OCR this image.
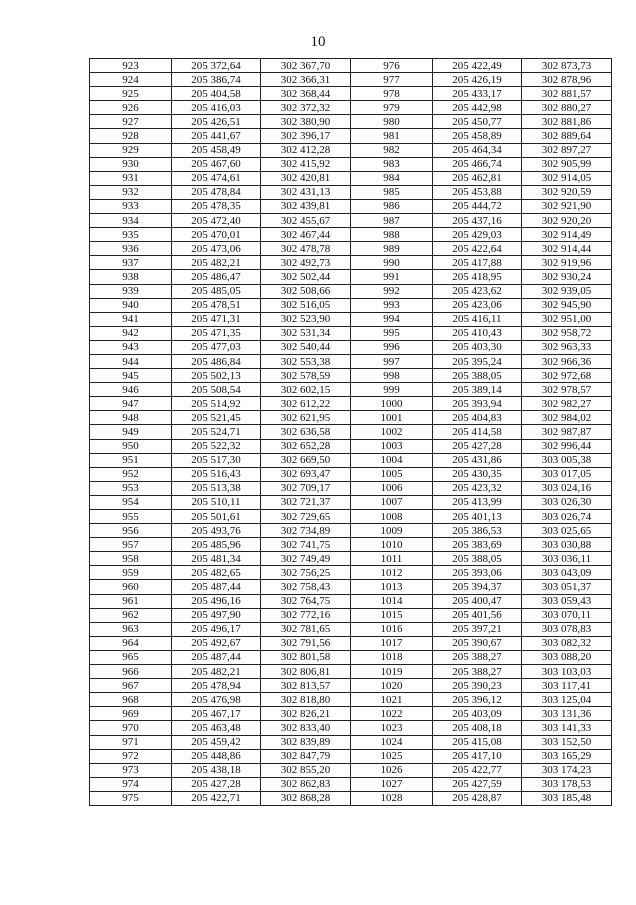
10
923	205 372,64	302 367,70	976	205 422,49	302 873,73
924	205 386,74	302 366,31	977	205 426,19	302 878,96
925	205 404,58	302 368,44	978	205 433,17	302 881,57
926	205 416,03	302 372,32	979	205 442,98	302 880,27
927	205 426,51	302 380,90	980	205 450,77	302 881,86
928	205 441,67	302 396,17	981	205 458,89	302 889,64
929	205 458,49	302 412,28	982	205 464,34	302 897,27
930	205 467,60	302 415,92	983	205 466,74	302 905,99
931	205 474,61	302 420,81	984	205 462,81	302 914,05
932	205 478,84	302 431,13	985	205 453,88	302 920,59
933	205 478,35	302 439,81	986	205 444,72	302 921,90
934	205 472,40	302 455,67	987	205 437,16	302 920,20
935	205 470,01	302 467,44	988	205 429,03	302 914,49
936	205 473,06	302 478,78	989	205 422,64	302 914,44
937	205 482,21	302 492,73	990	205 417,88	302 919,96
938	205 486,47	302 502,44	991	205 418,95	302 930,24
939	205 485,05	302 508,66	992	205 423,62	302 939,05
940	205 478,51	302 516,05	993	205 423,06	302 945,90
941	205 471,31	302 523,90	994	205 416,11	302 951,00
942	205 471,35	302 531,34	995	205 410,43	302 958,72
943	205 477,03	302 540,44	996	205 403,30	302 963,33
944	205 486,84	302 553,38	997	205 395,24	302 966,36
945	205 502,13	302 578,59	998	205 388,05	302 972,68
946	205 508,54	302 602,15	999	205 389,14	302 978,57
947	205 514,92	302 612,22	1000	205 393,94	302 982,27
948	205 521,45	302 621,95	1001	205 404,83	302 984,02
949	205 524,71	302 636,58	1002	205 414,58	302 987,87
950	205 522,32	302 652,28	1003	205 427,28	302 996,44
951	205 517,30	302 669,50	1004	205 431,86	303 005,38
952	205 516,43	302 693,47	1005	205 430,35	303 017,05
953	205 513,38	302 709,17	1006	205 423,32	303 024,16
954	205 510,11	302 721,37	1007	205 413,99	303 026,30
955	205 501,61	302 729,65	1008	205 401,13	303 026,74
956	205 493,76	302 734,89	1009	205 386,53	303 025,65
957	205 485,96	302 741,75	1010	205 383,69	303 030,88
958	205 481,34	302 749,49	1011	205 388,05	303 036,11
959	205 482,65	302 756,25	1012	205 393,06	303 043,09
960	205 487,44	302 758,43	1013	205 394,37	303 051,37
961	205 496,16	302 764,75	1014	205 400,47	303 059,43
962	205 497,90	302 772,16	1015	205 401,56	303 070,11
963	205 496,17	302 781,65	1016	205 397,21	303 078,83
964	205 492,67	302 791,56	1017	205 390,67	303 082,32
965	205 487,44	302 801,58	1018	205 388,27	303 088,20
966	205 482,21	302 806,81	1019	205 388,27	303 103,03
967	205 478,94	302 813,57	1020	205 390,23	303 117,41
968	205 476,98	302 818,80	1021	205 396,12	303 125,04
969	205 467,17	302 826,21	1022	205 403,09	303 131,36
970	205 463,48	302 833,40	1023	205 408,18	303 141,33
971	205 459,42	302 839,89	1024	205 415,08	303 152,50
972	205 448,86	302 847,79	1025	205 417,10	303 165,29
973	205 438,18	302 855,20	1026	205 422,77	303 174,23
974	205 427,28	302 862,83	1027	205 427,59	303 178,53
975	205 422,71	302 868,28	1028	205 428,87	303 185,48
